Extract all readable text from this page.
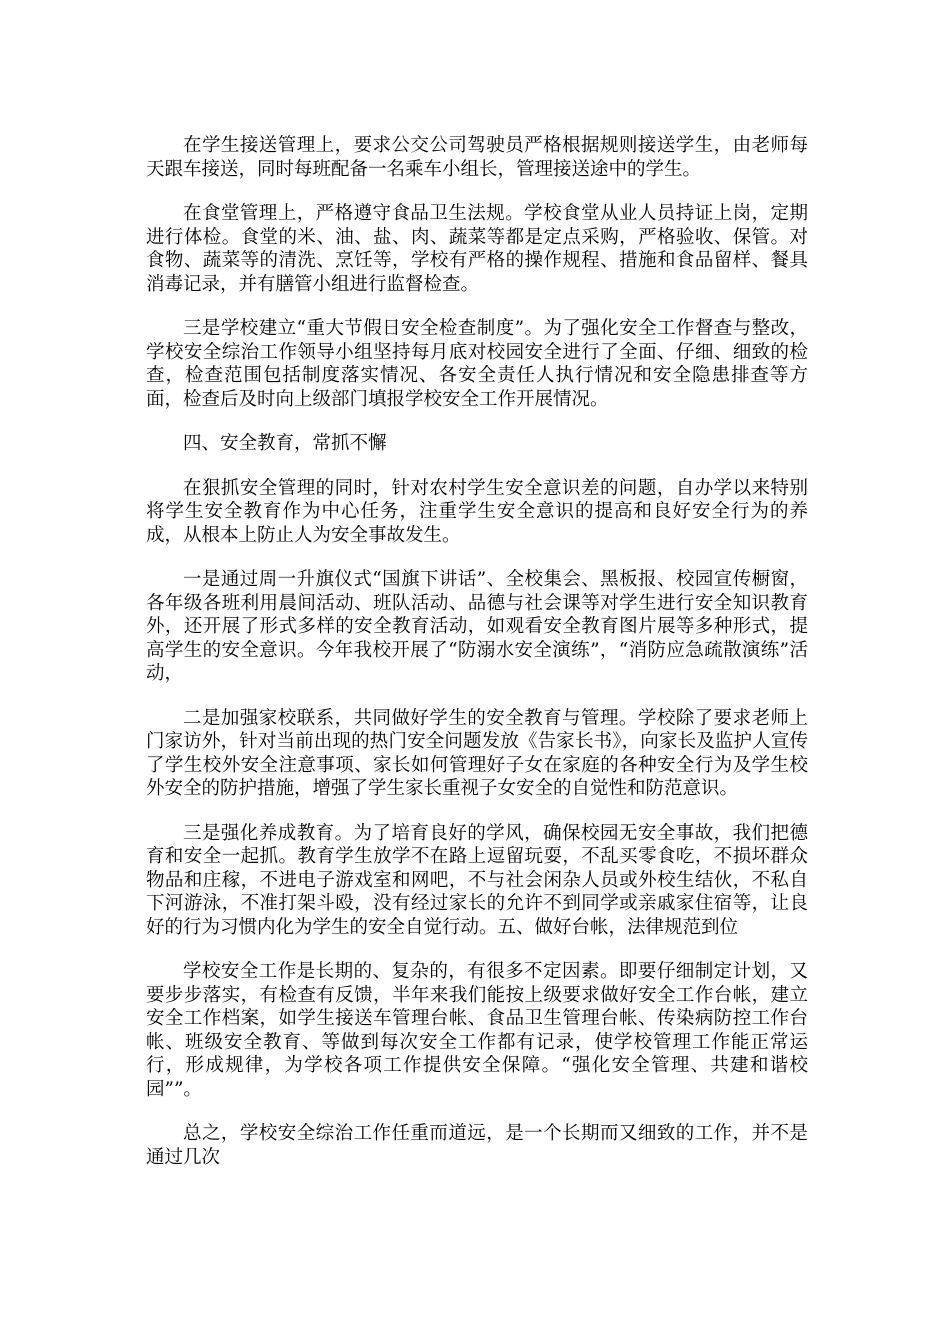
在学生接送管理上，要求公交公司驾驶员严格根据规则接送学生，由老师每天跟车接送，同时每班配备一名乘车小组长，管理接送途中的学生。

在食堂管理上，严格遵守食品卫生法规。学校食堂从业人员持证上岗，定期进行体检。食堂的米、油、盐、肉、蔬菜等都是定点采购，严格验收、保管。对食物、蔬菜等的清洗、烹饪等，学校有严格的操作规程、措施和食品留样、餐具消毒记录，并有膳管小组进行监督检查。

三是学校建立“重大节假日安全检查制度”。为了强化安全工作督查与整改，学校安全综治工作领导小组坚持每月底对校园安全进行了全面、仔细、细致的检查，检查范围包括制度落实情况、各安全责任人执行情况和安全隐患排查等方面，检查后及时向上级部门填报学校安全工作开展情况。

四、安全教育，常抓不懈

在狠抓安全管理的同时，针对农村学生安全意识差的问题，自办学以来特别将学生安全教育作为中心任务，注重学生安全意识的提高和良好安全行为的养成，从根本上防止人为安全事故发生。

一是通过周一升旗仪式“国旗下讲话”、全校集会、黑板报、校园宣传橱窗，各年级各班利用晨间活动、班队活动、品德与社会课等对学生进行安全知识教育外，还开展了形式多样的安全教育活动，如观看安全教育图片展等多种形式，提高学生的安全意识。今年我校开展了“防溺水安全演练”，“消防应急疏散演练”活动，

二是加强家校联系，共同做好学生的安全教育与管理。学校除了要求老师上门家访外，针对当前出现的热门安全问题发放《告家长书》，向家长及监护人宣传了学生校外安全注意事项、家长如何管理好子女在家庭的各种安全行为及学生校外安全的防护措施，增强了学生家长重视子女安全的自觉性和防范意识。

三是强化养成教育。为了培育良好的学风，确保校园无安全事故，我们把德育和安全一起抓。教育学生放学不在路上逗留玩耍，不乱买零食吃，不损坏群众物品和庄稼，不进电子游戏室和网吧，不与社会闲杂人员或外校生结伙，不私自下河游泳，不准打架斗殴，没有经过家长的允许不到同学或亲戚家住宿等，让良好的行为习惯内化为学生的安全自觉行动。五、做好台帐，法律规范到位

学校安全工作是长期的、复杂的，有很多不定因素。即要仔细制定计划，又要步步落实，有检查有反馈，半年来我们能按上级要求做好安全工作台帐，建立安全工作档案，如学生接送车管理台帐、食品卫生管理台帐、传染病防控工作台帐、班级安全教育、等做到每次安全工作都有记录，使学校管理工作能正常运行，形成规律，为学校各项工作提供安全保障。“强化安全管理、共建和谐校园””。

总之，学校安全综治工作任重而道远，是一个长期而又细致的工作，并不是通过几次
